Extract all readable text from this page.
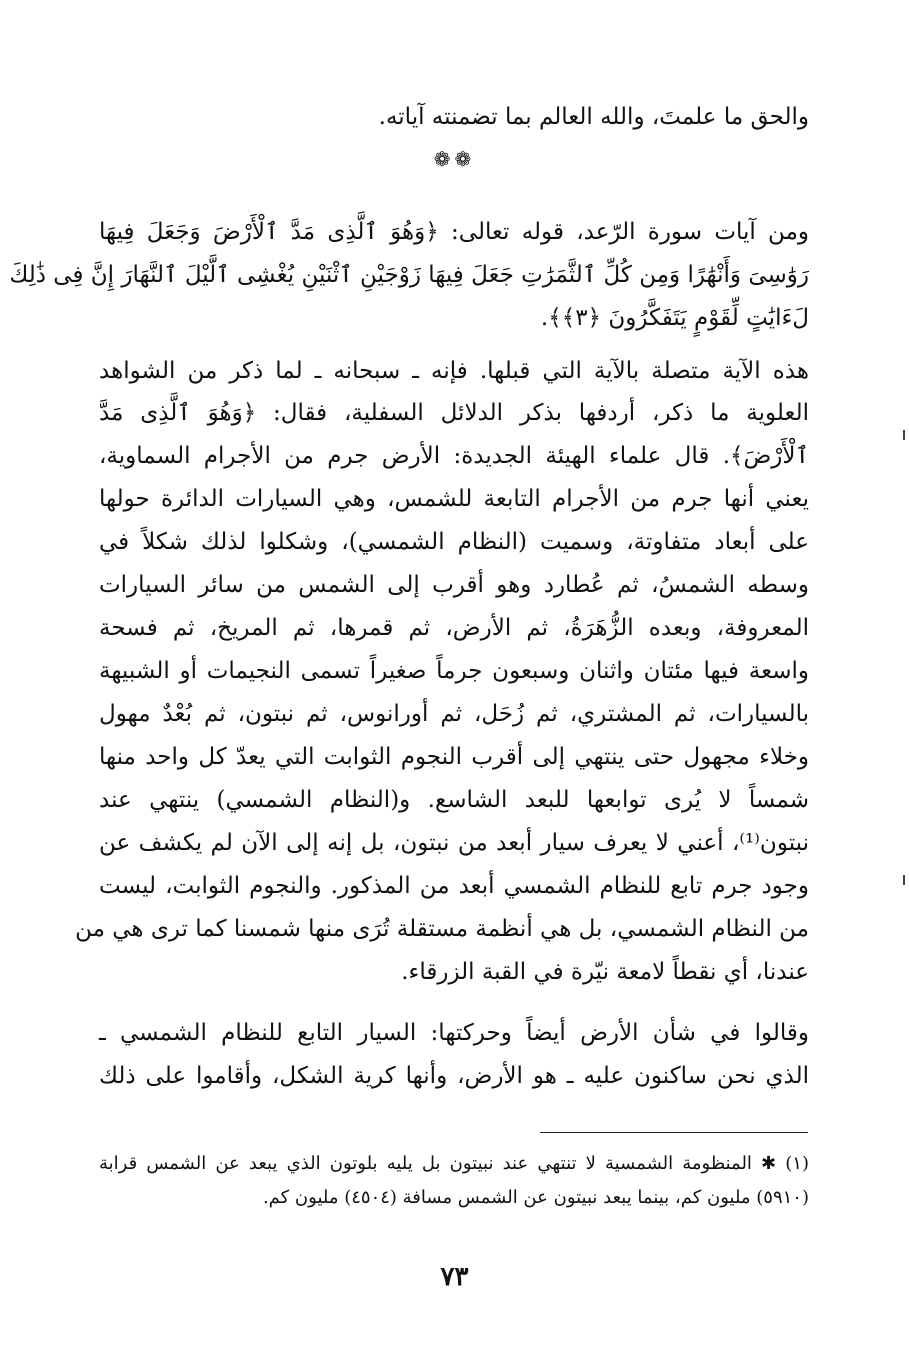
والحق ما علمتَ، والله العالم بما تضمنته آياته.
❁❁
ومن آيات سورة الرّعد، قوله تعالى: ﴿وَهُوَ ٱلَّذِى مَدَّ ٱلْأَرْضَ وَجَعَلَ فِيهَا
رَوَٰسِىَ وَأَنْهَٰرًا وَمِن كُلِّ ٱلثَّمَرَٰتِ جَعَلَ فِيهَا زَوْجَيْنِ ٱثْنَيْنِ يُغْشِى ٱلَّيْلَ ٱلنَّهَارَ إِنَّ فِى ذَٰلِكَ
لَءَايَٰتٍ لِّقَوْمٍ يَتَفَكَّرُونَ ﴿٣﴾﴾.
هذه الآية متصلة بالآية التي قبلها. فإنه ـ سبحانه ـ لما ذكر من الشواهد
العلوية ما ذكر، أردفها بذكر الدلائل السفلية، فقال: ﴿وَهُوَ ٱلَّذِى مَدَّ
ٱلْأَرْضَ﴾. قال علماء الهيئة الجديدة: الأرض جرم من الأجرام السماوية،
يعني أنها جرم من الأجرام التابعة للشمس، وهي السيارات الدائرة حولها
على أبعاد متفاوتة، وسميت (النظام الشمسي)، وشكلوا لذلك شكلاً في
وسطه الشمسُ، ثم عُطارد وهو أقرب إلى الشمس من سائر السيارات
المعروفة، وبعده الزُّهَرَةُ، ثم الأرض، ثم قمرها، ثم المريخ، ثم فسحة
واسعة فيها مئتان واثنان وسبعون جرماً صغيراً تسمى النجيمات أو الشبيهة
بالسيارات، ثم المشتري، ثم زُحَل، ثم أورانوس، ثم نبتون، ثم بُعْدٌ مهول
وخلاء مجهول حتى ينتهي إلى أقرب النجوم الثوابت التي يعدّ كل واحد منها
شمساً لا يُرى توابعها للبعد الشاسع. و(النظام الشمسي) ينتهي عند
نبتون⁽¹⁾، أعني لا يعرف سيار أبعد من نبتون، بل إنه إلى الآن لم يكشف عن
وجود جرم تابع للنظام الشمسي أبعد من المذكور. والنجوم الثوابت، ليست
من النظام الشمسي، بل هي أنظمة مستقلة تُرَى منها شمسنا كما ترى هي من
عندنا، أي نقطاً لامعة نيّرة في القبة الزرقاء.
وقالوا في شأن الأرض أيضاً وحركتها: السيار التابع للنظام الشمسي ـ
الذي نحن ساكنون عليه ـ هو الأرض، وأنها كرية الشكل، وأقاموا على ذلك
(١) ✱ المنظومة الشمسية لا تنتهي عند نبيتون بل يليه بلوتون الذي يبعد عن الشمس قرابة
(٥٩١٠) مليون كم، بينما يبعد نبيتون عن الشمس مسافة (٤٥٠٤) مليون كم.
٧٣
